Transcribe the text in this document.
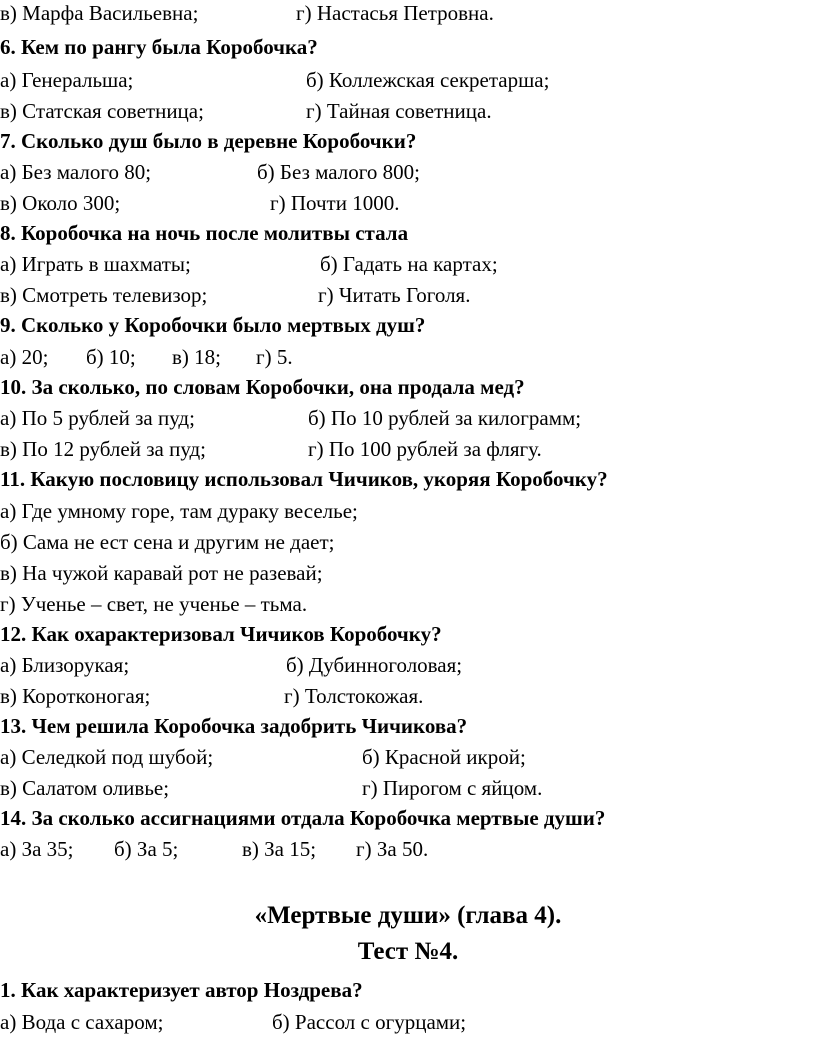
в) Марфа Васильевна;	г) Настасья Петровна.
6. Кем по рангу была Коробочка?
а) Генеральша;	б) Коллежская секретарша;
в) Статская советница;	г) Тайная советница.
7. Сколько душ было в деревне Коробочки?
а) Без малого 80;	б) Без малого 800;
в) Около 300;	г) Почти 1000.
8. Коробочка на ночь после молитвы стала
а) Играть в шахматы;	б) Гадать на картах;
в) Смотреть телевизор;	г) Читать Гоголя.
9. Сколько у Коробочки было мертвых душ?
а) 20; б) 10; в) 18; г) 5.
10. За сколько, по словам Коробочки, она продала мед?
а) По 5 рублей за пуд;	б) По 10 рублей за килограмм;
в) По 12 рублей за пуд;	г) По 100 рублей за флягу.
11. Какую пословицу использовал Чичиков, укоряя Коробочку?
а) Где умному горе, там дураку веселье;
б) Сама не ест сена и другим не дает;
в) На чужой каравай рот не разевай;
г) Ученье – свет, не ученье – тьма.
12. Как охарактеризовал Чичиков Коробочку?
а) Близорукая;	б) Дубинноголовая;
в) Коротконогая;	г) Толстокожая.
13. Чем решила Коробочка задобрить Чичикова?
а) Селедкой под шубой;	б) Красной икрой;
в) Салатом оливье;	г) Пирогом с яйцом.
14. За сколько ассигнациями отдала Коробочка мертвые души?
а) За 35; б) За 5;	в) За 15; г) За 50.
«Мертвые души» (глава 4).
Тест №4.
1. Как характеризует автор Ноздрева?
а) Вода с сахаром;	б) Рассол с огурцами;
